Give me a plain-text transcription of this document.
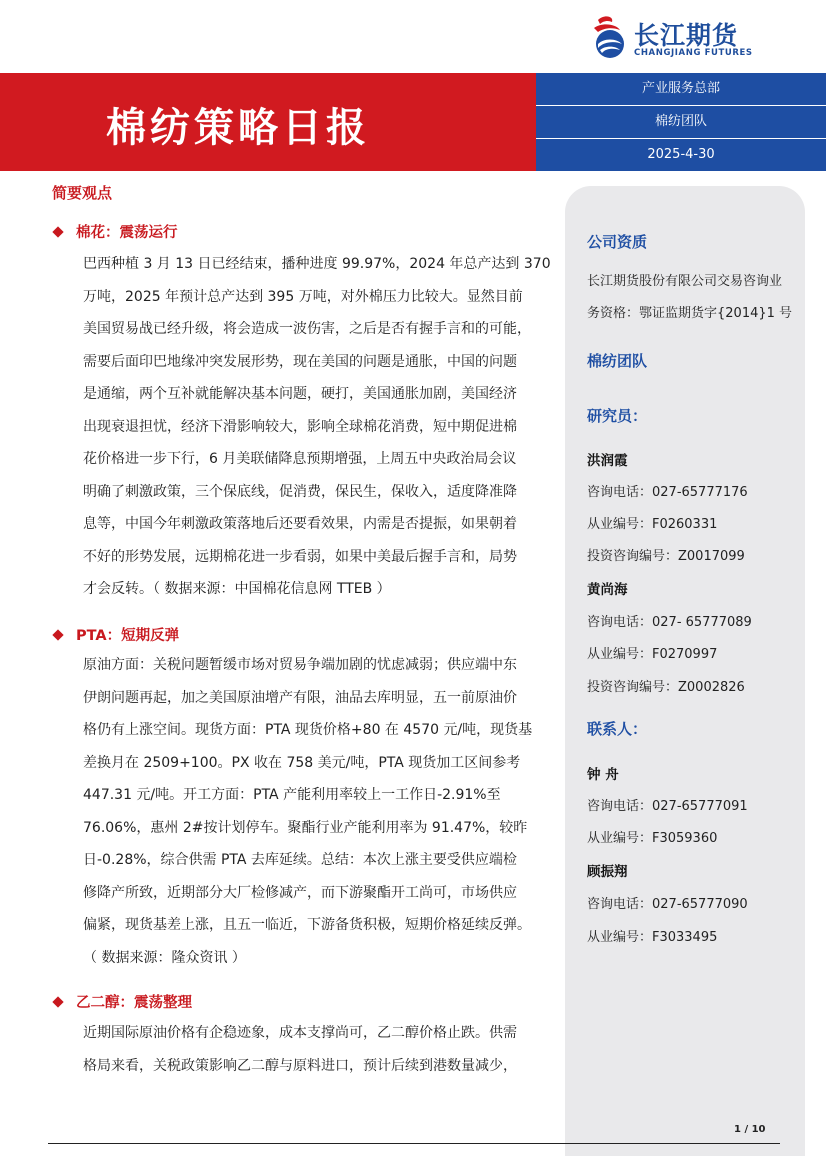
长江期货
CHANGJIANG FUTURES
棉纺策略日报
产业服务总部
棉纺团队
2025-4-30
简要观点
棉花：震荡运行
巴西种植 3 月 13 日已经结束，播种进度 99.97%，2024 年总产达到 370
万吨，2025 年预计总产达到 395 万吨，对外棉压力比较大。显然目前
美国贸易战已经升级，将会造成一波伤害，之后是否有握手言和的可能，
需要后面印巴地缘冲突发展形势，现在美国的问题是通胀，中国的问题
是通缩，两个互补就能解决基本问题，硬打，美国通胀加剧，美国经济
出现衰退担忧，经济下滑影响较大，影响全球棉花消费，短中期促进棉
花价格进一步下行，6 月美联储降息预期增强，上周五中央政治局会议
明确了刺激政策，三个保底线，促消费，保民生，保收入，适度降准降
息等，中国今年刺激政策落地后还要看效果，内需是否提振，如果朝着
不好的形势发展，远期棉花进一步看弱，如果中美最后握手言和，局势
才会反转。（ 数据来源：中国棉花信息网 TTEB ）
PTA：短期反弹
原油方面：关税问题暂缓市场对贸易争端加剧的忧虑减弱；供应端中东
伊朗问题再起，加之美国原油增产有限，油品去库明显，五一前原油价
格仍有上涨空间。现货方面：PTA 现货价格+80 在 4570 元/吨，现货基
差换月在 2509+100。PX 收在 758 美元/吨，PTA 现货加工区间参考
447.31 元/吨。开工方面：PTA 产能利用率较上一工作日-2.91%至
76.06%，惠州 2#按计划停车。聚酯行业产能利用率为 91.47%，较昨
日-0.28%，综合供需 PTA 去库延续。总结：本次上涨主要受供应端检
修降产所致，近期部分大厂检修减产，而下游聚酯开工尚可，市场供应
偏紧，现货基差上涨，且五一临近，下游备货积极，短期价格延续反弹。
（ 数据来源：隆众资讯 ）
乙二醇：震荡整理
近期国际原油价格有企稳迹象，成本支撑尚可，乙二醇价格止跌。供需
格局来看，关税政策影响乙二醇与原料进口，预计后续到港数量减少，
公司资质
长江期货股份有限公司交易咨询业
务资格：鄂证监期货字{2014}1 号
棉纺团队
研究员：
洪润霞
咨询电话：027-65777176
从业编号：F0260331
投资咨询编号：Z0017099
黄尚海
咨询电话：027- 65777089
从业编号：F0270997
投资咨询编号：Z0002826
联系人：
钟 舟
咨询电话：027-65777091
从业编号：F3059360
顾振翔
咨询电话：027-65777090
从业编号：F3033495
1 / 10
